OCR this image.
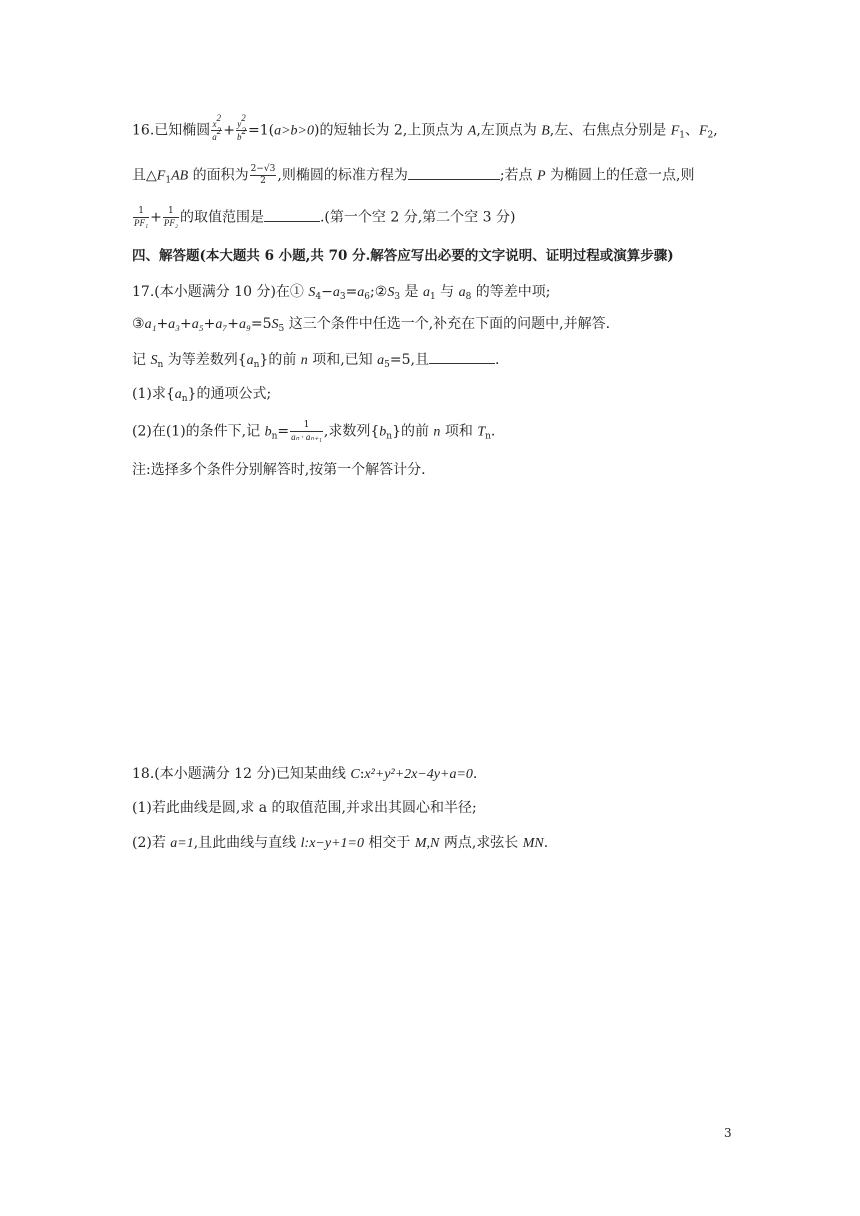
16.已知椭圆 $\frac{x^2}{a^2} + \frac{y^2}{b^2} =1(a>b>0)$的短轴长为 2,上顶点为 A,左顶点为 B,左、右焦点分别是 $F_1$、$F_2$,
且$\triangle F_1AB$ 的面积为 $\frac{2-√3}{2}$ ,则椭圆的标准方程为	;若点 P 为椭圆上的任意一点,则
$\frac{1}{\text{PF₁}} + \frac{1}{\text{PF₂}}$ 的取值范围是	.(第一个空 2 分,第二个空 3 分)
四、解答题(本大题共 6 小题,共 70 分.解答应写出必要的文字说明、证明过程或演算步骤)
17.(本小题满分 10 分)在① $S_4-a_3=a_6;②S_3$ 是 $a_1$ 与 $a_8$ 的等差中项;
$③a_1+a_3+a_5+a_7+a_9=5S_5$ 这三个条件中任选一个,补充在下面的问题中,并解答.
记 $S_n$ 为等差数列$\{a_n\}$的前 n 项和,已知 $a_5=5$,且	.
(1)求$\{a_n\}$的通项公式;
(2)在(1)的条件下,记 $b_n= \frac{1}{\text{aₙ · aₙ₊₁}}$ ,求数列$\{b_n\}$的前 n 项和 $T_n$.
注:选择多个条件分别解答时,按第一个解答计分.
18.(本小题满分 12 分)已知某曲线 C:x²+y²+2x−4y+a=0.
(1)若此曲线是圆,求 a 的取值范围,并求出其圆心和半径;
(2)若 a=1,且此曲线与直线 l:x−y+1=0 相交于 M,N 两点,求弦长 MN.
3
